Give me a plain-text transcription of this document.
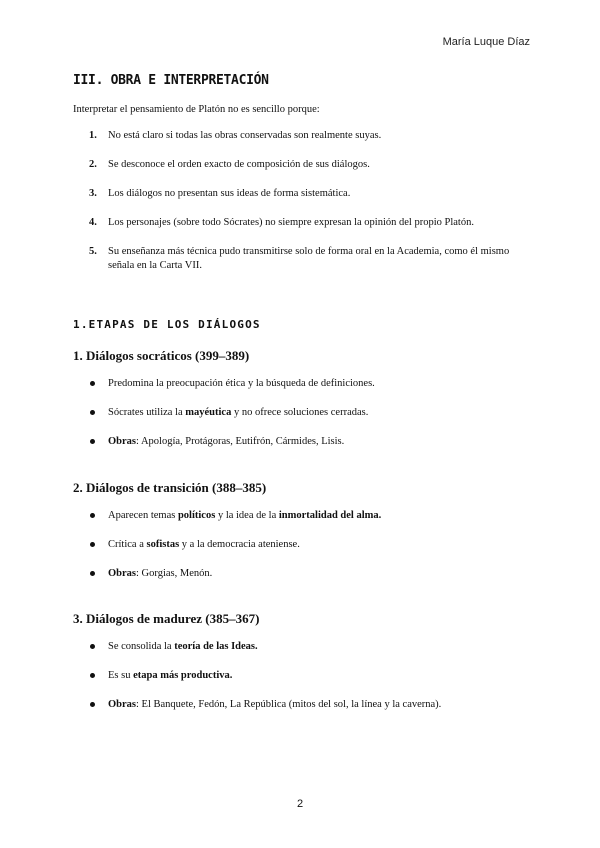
María Luque Díaz
III. OBRA E INTERPRETACIÓN
Interpretar el pensamiento de Platón no es sencillo porque:
1. No está claro si todas las obras conservadas son realmente suyas.
2. Se desconoce el orden exacto de composición de sus diálogos.
3. Los diálogos no presentan sus ideas de forma sistemática.
4. Los personajes (sobre todo Sócrates) no siempre expresan la opinión del propio Platón.
5. Su enseñanza más técnica pudo transmitirse solo de forma oral en la Academia, como él mismo señala en la Carta VII.
1.ETAPAS DE LOS DIÁLOGOS
1. Diálogos socráticos (399–389)
Predomina la preocupación ética y la búsqueda de definiciones.
Sócrates utiliza la mayéutica y no ofrece soluciones cerradas.
Obras: Apología, Protágoras, Eutifrón, Cármides, Lisis.
2. Diálogos de transición (388–385)
Aparecen temas políticos y la idea de la inmortalidad del alma.
Crítica a sofistas y a la democracia ateniense.
Obras: Gorgias, Menón.
3. Diálogos de madurez (385–367)
Se consolida la teoría de las Ideas.
Es su etapa más productiva.
Obras: El Banquete, Fedón, La República (mitos del sol, la línea y la caverna).
2
